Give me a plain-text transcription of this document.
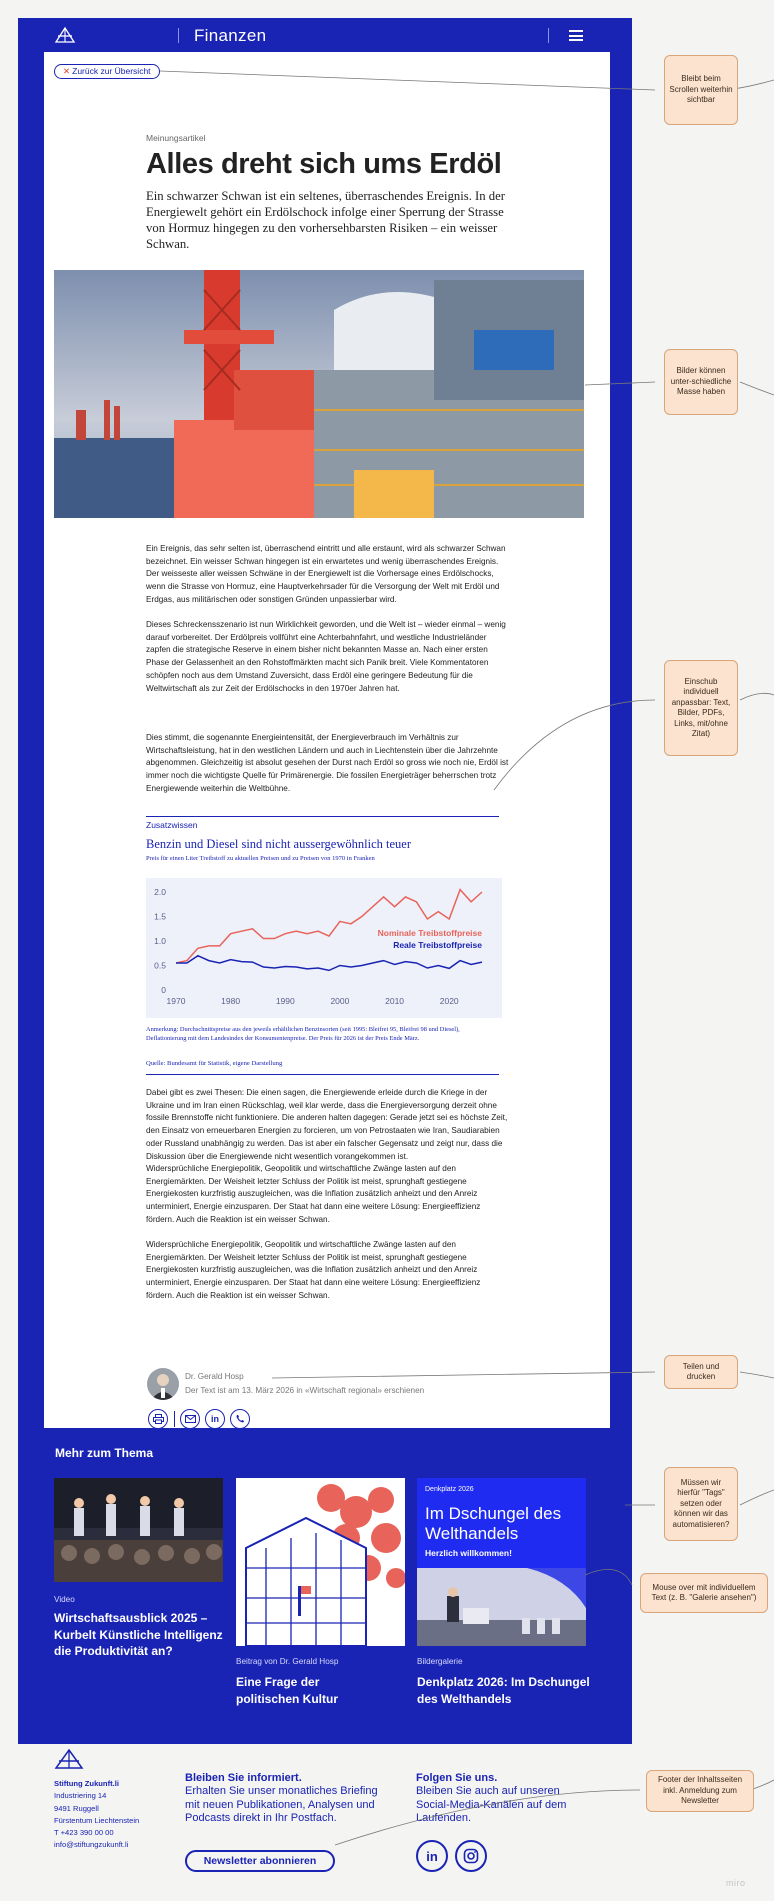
Finanzen
✕ Zurück zur Übersicht
Meinungsartikel
Alles dreht sich ums Erdöl
Ein schwarzer Schwan ist ein seltenes, überraschendes Ereignis. In der Energiewelt gehört ein Erdölschock infolge einer Sperrung der Strasse von Hormuz hingegen zu den vorhersehbarsten Risiken – ein weisser Schwan.
Ein Ereignis, das sehr selten ist, überraschend eintritt und alle erstaunt, wird als schwarzer Schwan bezeichnet. Ein weisser Schwan hingegen ist ein erwartetes und wenig überraschendes Ereignis. Der weisseste aller weissen Schwäne in der Energiewelt ist die Vorhersage eines Erdölschocks, wenn die Strasse von Hormuz, eine Hauptverkehrsader für die Versorgung der Welt mit Erdöl und Erdgas, aus militärischen oder sonstigen Gründen unpassierbar wird.
Dieses Schreckensszenario ist nun Wirklichkeit geworden, und die Welt ist – wieder einmal – wenig darauf vorbereitet. Der Erdölpreis vollführt eine Achterbahnfahrt, und westliche Industrieländer zapfen die strategische Reserve in einem bisher nicht bekannten Masse an. Nach einer ersten Phase der Gelassenheit an den Rohstoffmärkten macht sich Panik breit. Viele Kommentatoren schöpfen noch aus dem Umstand Zuversicht, dass Erdöl eine geringere Bedeutung für die Weltwirtschaft als zur Zeit der Erdölschocks in den 1970er Jahren hat.
Dies stimmt, die sogenannte Energieintensität, der Energieverbrauch im Verhältnis zur Wirtschaftsleistung, hat in den westlichen Ländern und auch in Liechtenstein über die Jahrzehnte abgenommen. Gleichzeitig ist absolut gesehen der Durst nach Erdöl so gross wie noch nie, Erdöl ist immer noch die wichtigste Quelle für Primärenergie. Die fossilen Energieträger beherrschen trotz Energiewende weiterhin die Weltbühne.
Zusatzwissen
Benzin und Diesel sind nicht aussergewöhnlich teuer
Preis für einen Liter Treibstoff zu aktuellen Preisen und zu Preisen von 1970 in Franken
0
0.5
1.0
1.5
2.0
1970	1980	1990	2000	2010	2020
Nominale Treibstoffpreise
Reale Treibstoffpreise
Anmerkung: Durchschnittspreise aus den jeweils erhältlichen Benzinsorten (seit 1995: Bleifrei 95, Bleifrei 98 und Diesel), Deflationierung mit dem Landesindex der Konsumentenpreise. Der Preis für 2026 ist der Preis Ende März.
Quelle: Bundesamt für Statistik, eigene Darstellung
Dabei gibt es zwei Thesen: Die einen sagen, die Energiewende erleide durch die Kriege in der Ukraine und im Iran einen Rückschlag, weil klar werde, dass die Energieversorgung derzeit ohne fossile Brennstoffe nicht funktioniere. Die anderen halten dagegen: Gerade jetzt sei es höchste Zeit, den Einsatz von erneuerbaren Energien zu forcieren, um von Petrostaaten wie Iran, Saudiarabien oder Russland unabhängig zu werden. Das ist aber ein falscher Gegensatz und zeigt nur, dass die Diskussion über die Energiewende nicht wesentlich vorangekommen ist.
Widersprüchliche Energiepolitik, Geopolitik und wirtschaftliche Zwänge lasten auf den Energiemärkten. Der Weisheit letzter Schluss der Politik ist meist, sprunghaft gestiegene Energiekosten kurzfristig auszugleichen, was die Inflation zusätzlich anheizt und den Anreiz unterminiert, Energie einzusparen. Der Staat hat dann eine weitere Lösung: Energieeffizienz fördern. Auch die Reaktion ist ein weisser Schwan.
Widersprüchliche Energiepolitik, Geopolitik und wirtschaftliche Zwänge lasten auf den Energiemärkten. Der Weisheit letzter Schluss der Politik ist meist, sprunghaft gestiegene Energiekosten kurzfristig auszugleichen, was die Inflation zusätzlich anheizt und den Anreiz unterminiert, Energie einzusparen. Der Staat hat dann eine weitere Lösung: Energieeffizienz fördern. Auch die Reaktion ist ein weisser Schwan.
Dr. Gerald Hosp
Der Text ist am 13. März 2026 in «Wirtschaft regional» erschienen
in
Mehr zum Thema
Video
Wirtschaftsausblick 2025 – Kurbelt Künstliche Intelligenz die Produktivität an?
Beitrag von Dr. Gerald Hosp
Eine Frage der politischen Kultur
Denkplatz 2026
Im Dschungel des Welthandels
Herzlich willkommen!
Bildergalerie
Denkplatz 2026: Im Dschungel des Welthandels
Stiftung Zukunft.li
Industriering 14
9491 Ruggell
Fürstentum Liechtenstein
T +423 390 00 00
info@stiftungzukunft.li
Bleiben Sie informiert.
Erhalten Sie unser monatliches Briefing mit neuen Publikationen, Analysen und Podcasts direkt in Ihr Postfach.
Newsletter abonnieren
Folgen Sie uns.
Bleiben Sie auch auf unseren Social-Media-Kanälen auf dem Laufenden.
in
Bleibt beim Scrollen weiterhin sichtbar
Bilder können unter-schiedliche Masse haben
Einschub individuell anpassbar: Text, Bilder, PDFs, Links, mit/ohne Zitat)
Teilen und drucken
Müssen wir hierfür "Tags" setzen oder können wir das automatisieren?
Mouse over mit individuellem Text (z. B. "Galerie ansehen")
Footer der Inhaltsseiten inkl. Anmeldung zum Newsletter
miro
